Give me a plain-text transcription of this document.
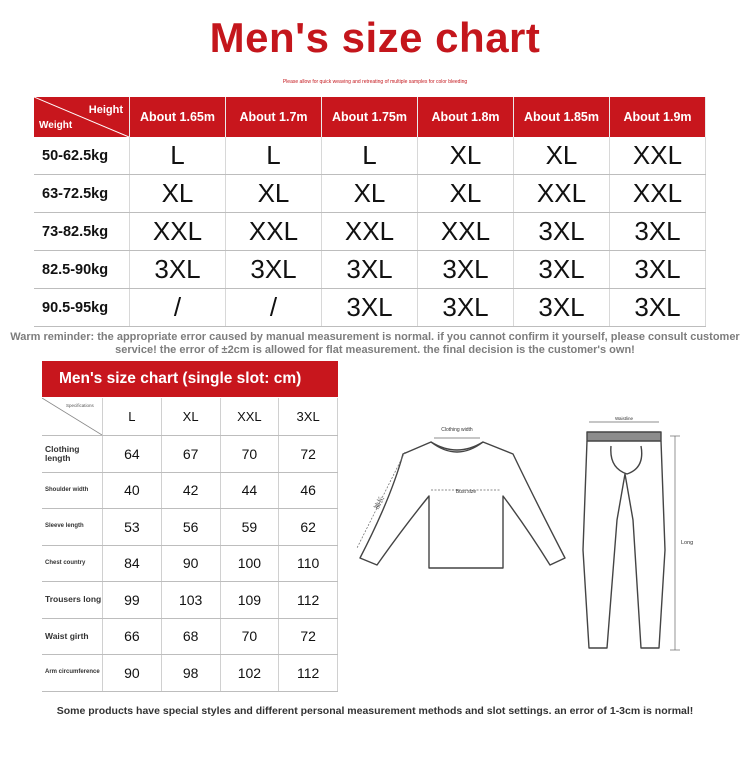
Men's size chart
Please allow for quick weaving and retreating of multiple samples for color bleeding
Height
Weight	About 1.65m	About 1.7m	About 1.75m	About 1.8m	About 1.85m	About 1.9m
50-62.5kg	L	L	L	XL	XL	XXL
63-72.5kg	XL	XL	XL	XL	XXL	XXL
73-82.5kg	XXL	XXL	XXL	XXL	3XL	3XL
82.5-90kg	3XL	3XL	3XL	3XL	3XL	3XL
90.5-95kg	/	/	3XL	3XL	3XL	3XL
Warm reminder: the appropriate error caused by manual measurement is normal. if you cannot confirm it yourself, please consult customer service! the error of ±2cm is allowed for flat measurement. the final decision is the customer's own!
Men's size chart (single slot: cm)
Specifications	L	XL	XXL	3XL
Clothing length	64	67	70	72
Shoulder width	40	42	44	46
Sleeve length	53	56	59	62
Chest country	84	90	100	110
Trousers long	99	103	109	112
Waist girth	66	68	70	72
Arm circumference	90	98	102	112
Clothing width
Bust size
袖长
Waistline
Long
Some products have special styles and different personal measurement methods and slot settings. an error of 1-3cm is normal!
